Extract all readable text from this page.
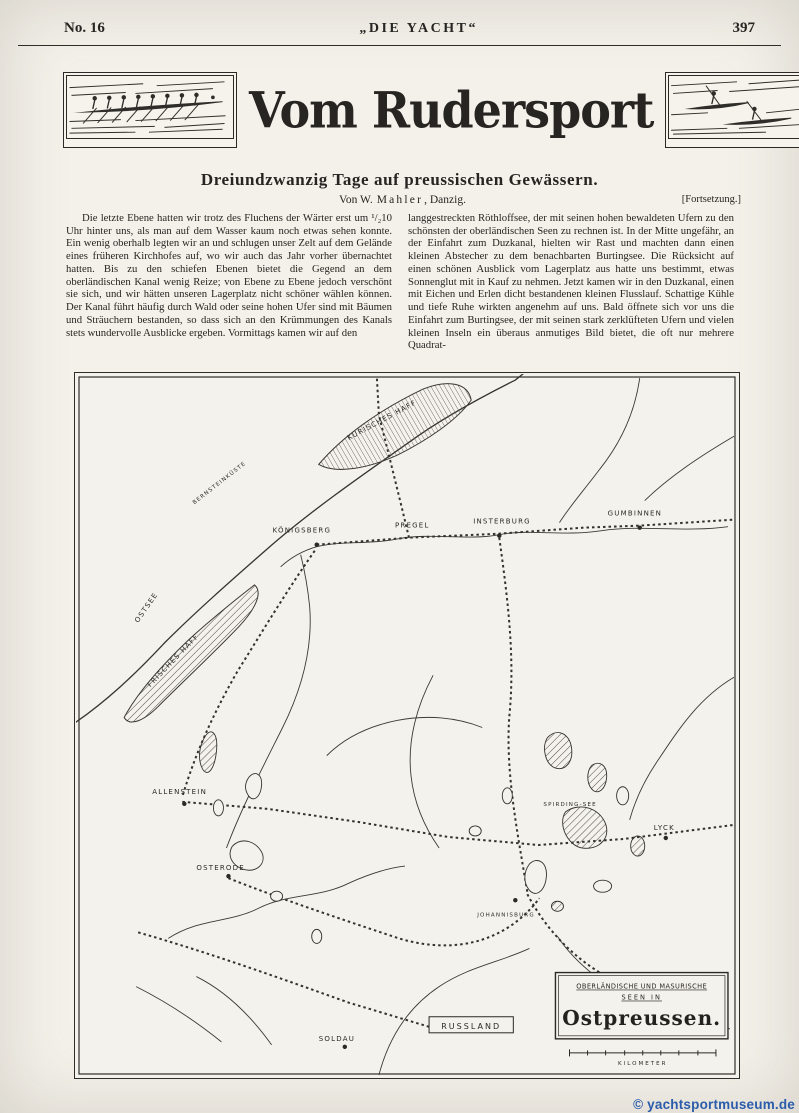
No. 16	„DIE YACHT“	397
Vom Rudersport
Dreiundzwanzig Tage auf preussischen Gewässern.
Von W. Mahler, Danzig.	[Fortsetzung.]
Die letzte Ebene hatten wir trotz des Fluchens der Wärter erst um ¹/₂10 Uhr hinter uns, als man auf dem Wasser kaum noch etwas sehen konnte. Ein wenig oberhalb legten wir an und schlugen unser Zelt auf dem Gelände eines früheren Kirchhofes auf, wo wir auch das Jahr vorher übernachtet hatten. Bis zu den schiefen Ebenen bietet die Gegend an dem oberländischen Kanal wenig Reize; von Ebene zu Ebene jedoch verschönt sie sich, und wir hätten unseren Lagerplatz nicht schöner wählen können. Der Kanal führt häufig durch Wald oder seine hohen Ufer sind mit Bäumen und Sträuchern bestanden, so dass sich an den Krümmungen des Kanals stets wundervolle Ausblicke ergeben. Vormittags kamen wir auf den
langgestreckten Röthloffsee, der mit seinen hohen bewaldeten Ufern zu den schönsten der oberländischen Seen zu rechnen ist. In der Mitte ungefähr, an der Einfahrt zum Duzkanal, hielten wir Rast und machten dann einen kleinen Abstecher zu dem benachbarten Burtingsee. Die Rücksicht auf einen schönen Ausblick vom Lagerplatz aus hatte uns bestimmt, etwas Sonnenglut mit in Kauf zu nehmen. Jetzt kamen wir in den Duzkanal, einen mit Eichen und Erlen dicht bestandenen kleinen Flusslauf. Schattige Kühle und tiefe Ruhe wirkten angenehm auf uns. Bald öffnete sich vor uns die Einfahrt zum Burtingsee, der mit seinen stark zerklüfteten Ufern und vielen kleinen Inseln ein überaus anmutiges Bild bietet, die oft nur mehrere Quadrat-
OSTSEE
KURISCHES HAFF
BERNSTEINKÜSTE
FRISCHES HAFF
KÖNIGSBERG
PREGEL	INSTERBURG
GUMBINNEN
ALLENSTEIN
OSTERODE
SPIRDING-SEE
JOHANNISBURG
LYCK
SOLDAU
RUSSLAND
OBERLÄNDISCHE UND MASURISCHE
SEEN IN
Ostpreussen.
KILOMETER
© yachtsportmuseum.de
